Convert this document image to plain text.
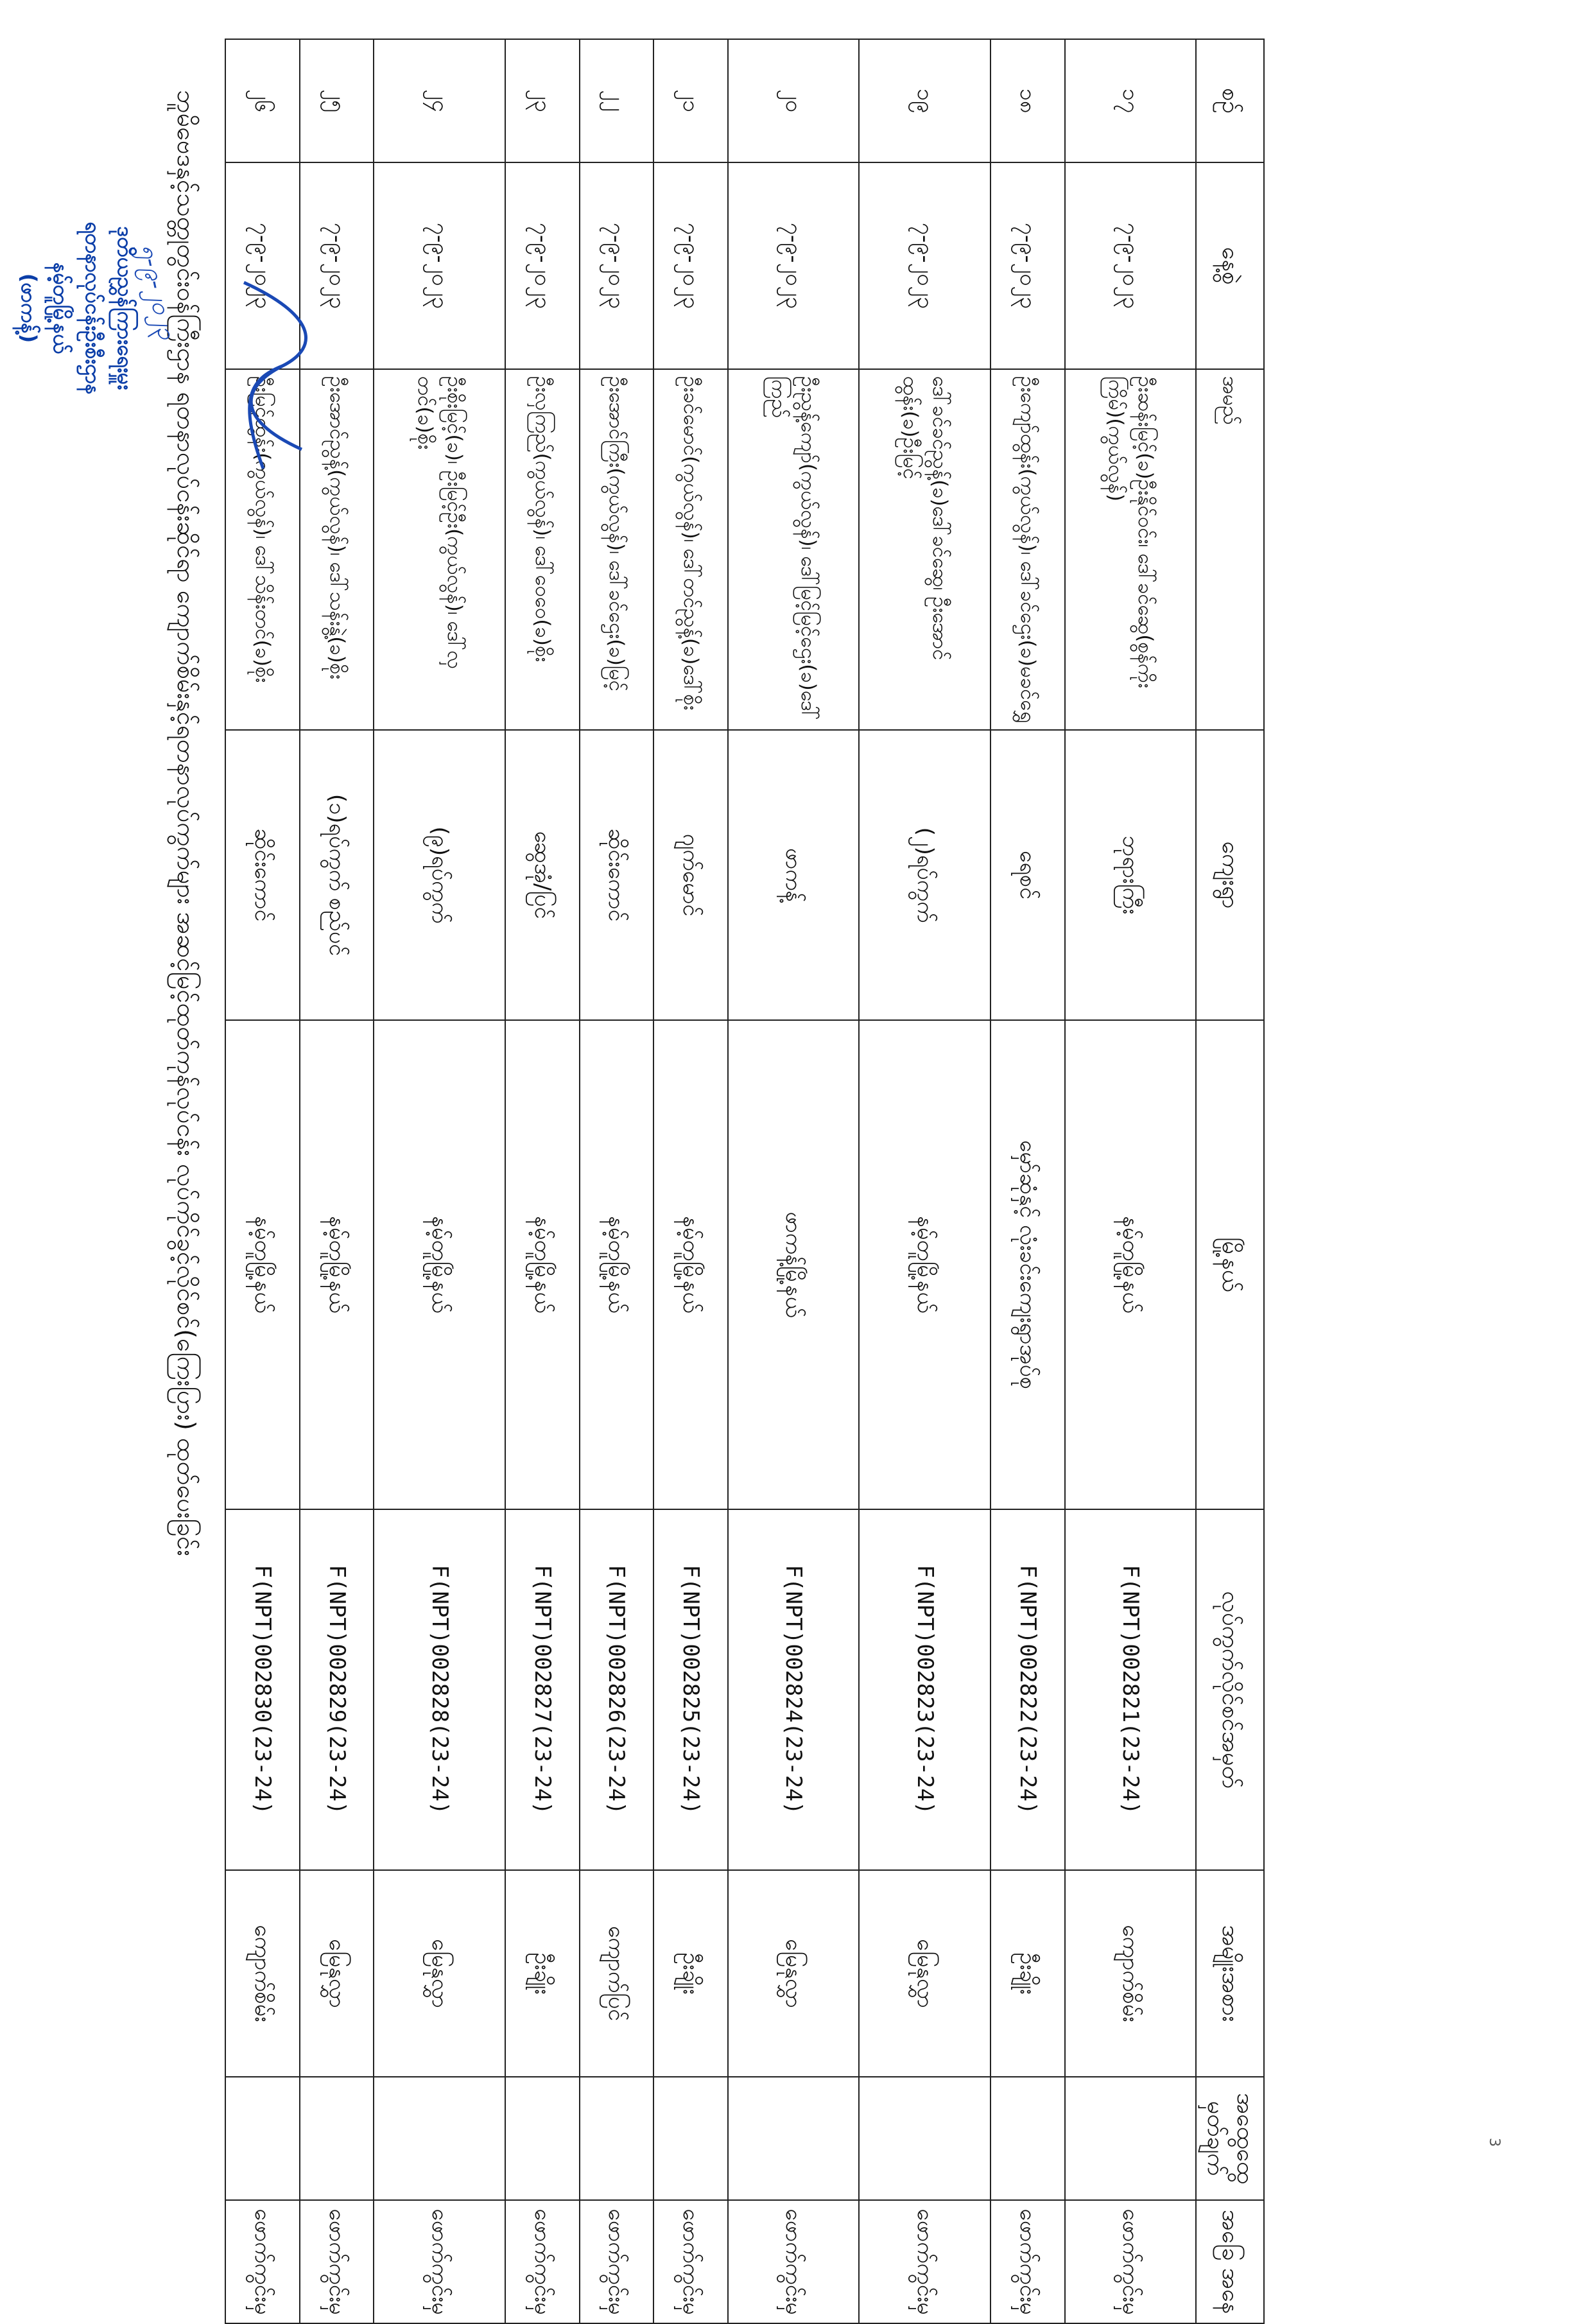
3
စဉ်	နေ့စွဲ	အမည်	ကျေးရွာ	မြို့နယ်	လုပ်ကွက်လိုင်စင်အမှတ်	အမျိုးအစား	အထွေထွေ မှတ်ချက်	အခြေ အနေ
၁၇	၇-၉-၂၀၂၃	ဦးဆန်းမြင့်(ခ)ဦးနိုင်ဝင်း၊ ဒေါ်ခင်ဆွေ(စွန်ကိုးကြိမ်)(ကွယ်လွန်)	ဘုရားကြီး	နမ့်တူမြို့နယ်	F(NPT)002821(23-24)	ကျောက်စိမ်း		ဖောက်ကွင်းမှ
၁၈	၇-၉-၂၀၂၃	ဦးကျော်ထွန်း(ကွယ်လွန်)၊ ဒေါ်ခင်ဌေး(ခ)မခင်ရွှေ	ရေစင်	မှော်ဆုံနှင့် လုံးခင်းကျေးရွာအုပ်စု	F(NPT)002822(23-24)	ဦးချိုး		ဖောက်ကွင်းမှ
၁၉	၇-၉-၂၀၂၃	ဒေါ်ခင်ခင်ညွန့်(ခ)ဒေါ်ခင်ဆွေ၊ ဦးအောင်ထွန်း(ခ)ဦးမြင့်	(၂)ရပ်ကွက်	နမ့်တူမြို့နယ်	F(NPT)002823(23-24)	မြေနုလွှာ		ဖောက်ကွင်းမှ
၂၀	၇-၉-၂၀၂၃	ဦးညွန့်ကျော်(ကွယ်လွန်)၊ ဒေါ်မြင့်မြင့်ဌေး(ခ)ဒေါ်ကြည်	ဖာကန့်	ဖာကန့်မြို့နယ်	F(NPT)002824(23-24)	မြေနုလွှာ		ဖောက်ကွင်းမှ
၂၁	၇-၉-၂၀၂၃	ဦးခင်မောင်(ကွယ်လွန်)၊ ဒေါ်တင်ညွန့်(ခ)ဒေါ်စိုး	ဂျက်မောင်	နမ့်တူမြို့နယ်	F(NPT)002825(23-24)	ဦးချိုး		ဖောက်ကွင်းမှ
၂၂	၇-၉-၂၀၂၃	ဦးအောင်ကြီး(ကွယ်လွန်)၊ ဒေါ်ခင်ဌေး(ခ)မြင့်	ဆိုင်းကောင်	နမ့်တူမြို့နယ်	F(NPT)002826(23-24)	ကျောက်ပြင်		ဖောက်ကွင်းမှ
၂၃	၇-၉-၂၀၂၃	ဦးလှကြည်(ကွယ်လွန်)၊ ဒေါ်ဝေဝေ(ခ)စိုး	ဆွေအုံ/ပြင်	နမ့်တူမြို့နယ်	F(NPT)002827(23-24)	ဦးချိုး		ဖောက်ကွင်းမှ
၂၄	၇-၉-၂၀၂၃	ဦးစိုးမြင့်(ခ)၊ ဦးမြင့်ဦး(ကွယ်လွန်)၊ ဒေါ်လှတင်(ခ)စိုး	(၉)ရပ်ကွက်	နမ့်တူမြို့နယ်	F(NPT)002828(23-24)	မြေနုလွှာ		ဖောက်ကွင်းမှ
၂၅	၇-၉-၂၀၂၃	ဦးအောင်ညွန့်(ကွယ်လွန်)၊ ဒေါ်သန်းနွဲ့(ခ)စိုး	(၁)ရပ်ကွက် စည်ပင်	နမ့်တူမြို့နယ်	F(NPT)002829(23-24)	မြေနုလွှာ		ဖောက်ကွင်းမှ
၂၆	၇-၉-၂၀၂၃	ဦးမြင့်ထွန်း(ကွယ်လွန်)၊ ဒေါ်သိန်းတင်(ခ)စိုး	ဆိုင်းကောင်	နမ့်တူမြို့နယ်	F(NPT)002830(23-24)	ကျောက်စိမ်း		ဖောက်ကွင်းမှ
ဘူမိဗေဒနှင့်သတ္တုတွင်းဝန်ကြီးဌာန ရတနာလုပ်ငန်းဆိုင်ရာ ကျောက်စိမ်းနှင့်ရတနာလုပ်ကွက်များ အဆင့်မြင့်ထုတ်ကုန်လုပ်ငန်း လုပ်ကိုင်ခွင့်လိုင်စင်(ကြေးပြား) ထုတ်ပေးခြင်း
၅-၉-၂၀၂၃
ဒုတိယညွှန်ကြားရေးမှူး
ရတနာလုပ်ငန်းဦးစီးဌာန
နမ့်တူမြို့နယ်
(ဖာကန့်)
